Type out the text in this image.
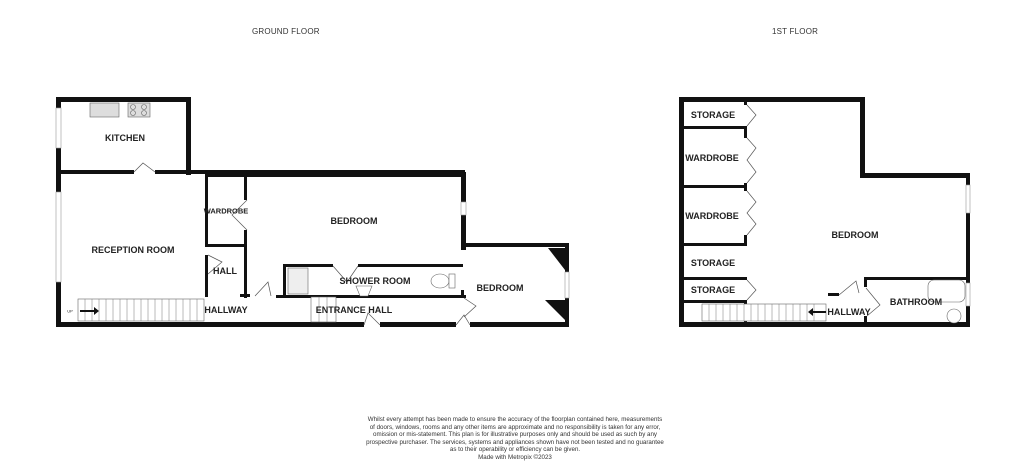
GROUND FLOOR	1ST FLOOR
KITCHEN
RECEPTION ROOM
WARDROBE
HALL
BEDROOM
SHOWER ROOM
BEDROOM
HALLWAY	ENTRANCE HALL
UP
STORAGE
WARDROBE
WARDROBE
STORAGE
STORAGE
BEDROOM
HALLWAY
BATHROOM
Whilst every attempt has been made to ensure the accuracy of the floorplan contained here, measurements
of doors, windows, rooms and any other items are approximate and no responsibility is taken for any error,
omission or mis-statement. This plan is for illustrative purposes only and should be used as such by any
prospective purchaser. The services, systems and appliances shown have not been tested and no guarantee
as to their operability or efficiency can be given.
Made with Metropix ©2023
